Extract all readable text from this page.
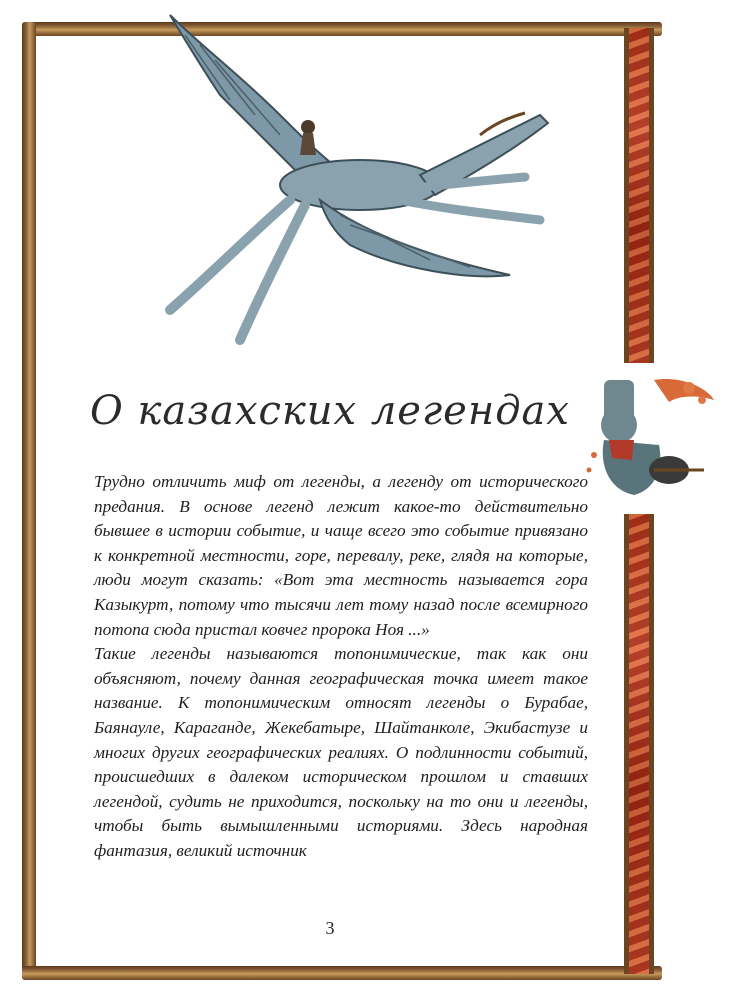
О казахских легендах

Трудно отличить миф от легенды, а легенду от исторического предания. В основе легенд лежит какое-то действительно бывшее в истории событие, и чаще всего это событие привязано к конкретной местности, горе, перевалу, реке, глядя на которые, люди могут сказать: «Вот эта местность называется гора Казыкурт, потому что тысячи лет тому назад после всемирного потопа сюда пристал ковчег пророка Ноя ...»

Такие легенды называются топонимические, так как они объясняют, почему данная географическая точка имеет такое название. К топонимическим относят легенды о Бурабае, Баянауле, Караганде, Жекебатыре, Шайтанколе, Экибастузе и многих других географических реалиях. О подлинности событий, происшедших в далеком историческом прошлом и ставших легендой, судить не приходится, поскольку на то они и легенды, чтобы быть вымышленными историями. Здесь народная фантазия, великий источник

3
